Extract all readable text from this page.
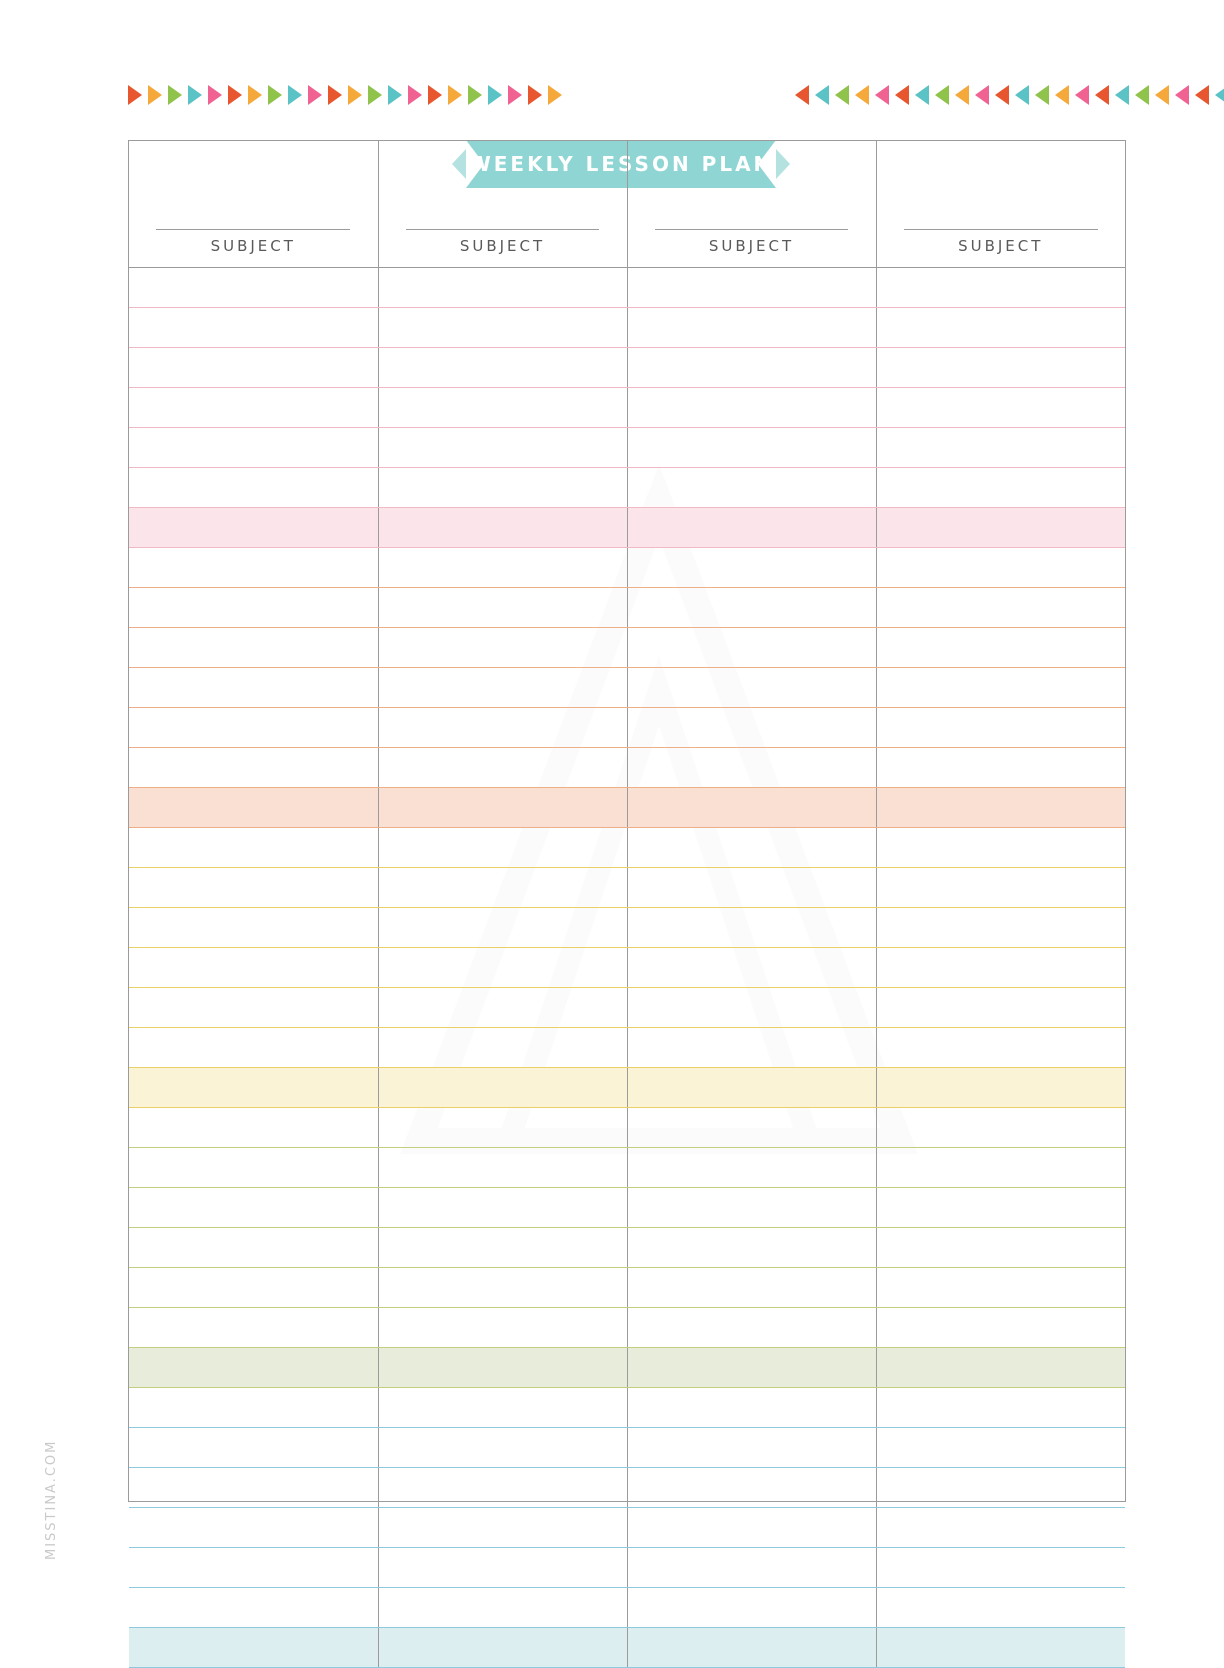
WEEKLY LESSON PLAN
SUBJECT	SUBJECT	SUBJECT	SUBJECT

MISSTINA.COM
